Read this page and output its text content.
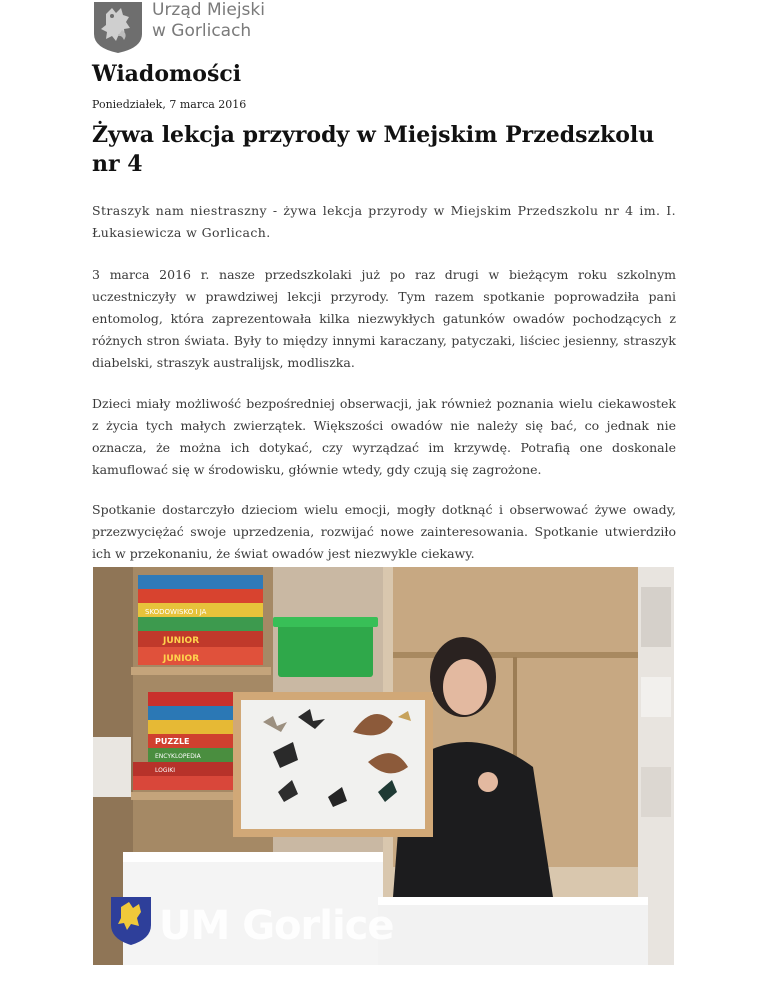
Urząd Miejski
w Gorlicach
Wiadomości
Poniedziałek, 7 marca 2016
Żywa lekcja przyrody w Miejskim Przedszkolu nr 4

Straszyk nam niestraszny - żywa lekcja przyrody w Miejskim Przedszkolu nr 4 im. I. Łukasiewicza w Gorlicach.

3 marca 2016 r. nasze przedszkolaki już po raz drugi w bieżącym roku szkolnym uczestniczyły w prawdziwej lekcji przyrody. Tym razem spotkanie poprowadziła pani entomolog, która zaprezentowała kilka niezwykłych gatunków owadów pochodzących z różnych stron świata. Były to między innymi karaczany, patyczaki, liściec jesienny, straszyk diabelski, straszyk australijsk, modliszka.

Dzieci miały możliwość bezpośredniej obserwacji, jak również poznania wielu ciekawostek z życia tych małych zwierzątek. Większości owadów nie należy się bać, co jednak nie oznacza, że można ich dotykać, czy wyrządzać im krzywdę. Potrafią one doskonale kamuflować się w środowisku, głównie wtedy, gdy czują się zagrożone.

Spotkanie dostarczyło dzieciom wielu emocji, mogły dotknąć i obserwować żywe owady, przezwyciężać swoje uprzedzenia, rozwijać nowe zainteresowania. Spotkanie utwierdziło ich w przekonaniu, że świat owadów jest niezwykle ciekawy.

SKODOWISKO I JA
JUNIOR
JUNIOR
PUZZLE
ENCYKLOPEDIA
LOGIKI
UM Gorlice
